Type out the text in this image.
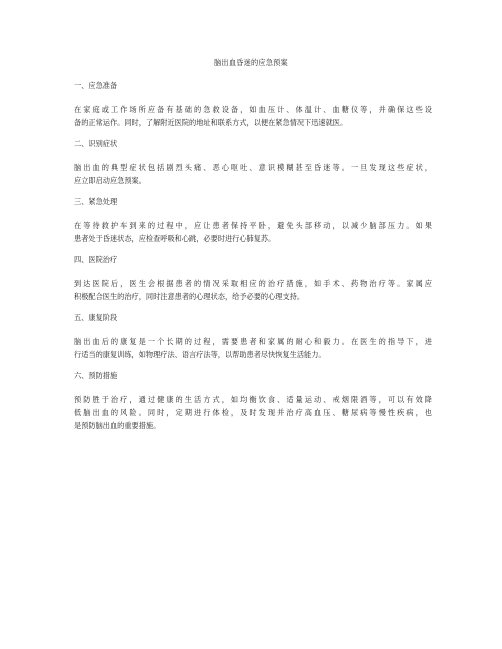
脑出血昏迷的应急预案
一、应急准备
在家庭或工作场所应备有基础的急救设备，如血压计、体温计、血糖仪等，并确保这些设
备的正常运作。同时，了解附近医院的地址和联系方式，以便在紧急情况下迅速就医。
二、识别症状
脑出血的典型症状包括剧烈头痛、恶心呕吐、意识模糊甚至昏迷等。一旦发现这些症状，
应立即启动应急预案。
三、紧急处理
在等待救护车到来的过程中，应让患者保持平卧，避免头部移动，以减少脑部压力。如果
患者处于昏迷状态，应检查呼吸和心跳，必要时进行心肺复苏。
四、医院治疗
到达医院后，医生会根据患者的情况采取相应的治疗措施，如手术、药物治疗等。家属应
积极配合医生的治疗，同时注意患者的心理状态，给予必要的心理支持。
五、康复阶段
脑出血后的康复是一个长期的过程，需要患者和家属的耐心和毅力。在医生的指导下，进
行适当的康复训练，如物理疗法、语言疗法等，以帮助患者尽快恢复生活能力。
六、预防措施
预防胜于治疗，通过健康的生活方式，如均衡饮食、适量运动、戒烟限酒等，可以有效降
低脑出血的风险。同时，定期进行体检，及时发现并治疗高血压、糖尿病等慢性疾病，也
是预防脑出血的重要措施。
